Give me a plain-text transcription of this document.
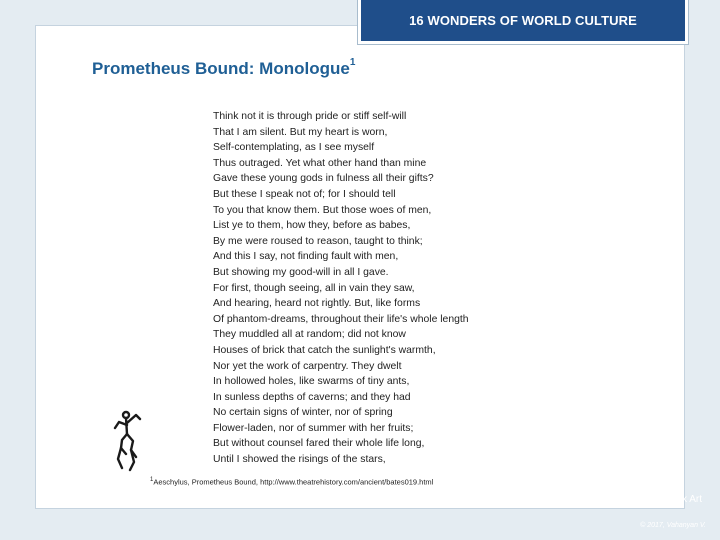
16 WONDERS OF WORLD CULTURE
Prometheus Bound: Monologue$^1$
Think not it is through pride or stiff self-will
That I am silent. But my heart is worn,
Self-contemplating, as I see myself
Thus outraged. Yet what other hand than mine
Gave these young gods in fulness all their gifts?
But these I speak not of; for I should tell
To you that know them. But those woes of men,
List ye to them, how they, before as babes,
By me were roused to reason, taught to think;
And this I say, not finding fault with men,
But showing my good-will in all I gave.
For first, though seeing, all in vain they saw,
And hearing, heard not rightly. But, like forms
Of phantom-dreams, throughout their life's whole length
They muddled all at random; did not know
Houses of brick that catch the sunlight's warmth,
Nor yet the work of carpentry. They dwelt
In hollowed holes, like swarms of tiny ants,
In sunless depths of caverns; and they had
No certain signs of winter, nor of spring
Flower-laden, nor of summer with her fruits;
But without counsel fared their whole life long,
Until I showed the risings of the stars,
$^1$Aeschylus, Prometheus Bound, http://www.theatrehistory.com/ancient/bates019.html
from the collection of Armenian Rock Art
© 2017, Vahanyan V.
